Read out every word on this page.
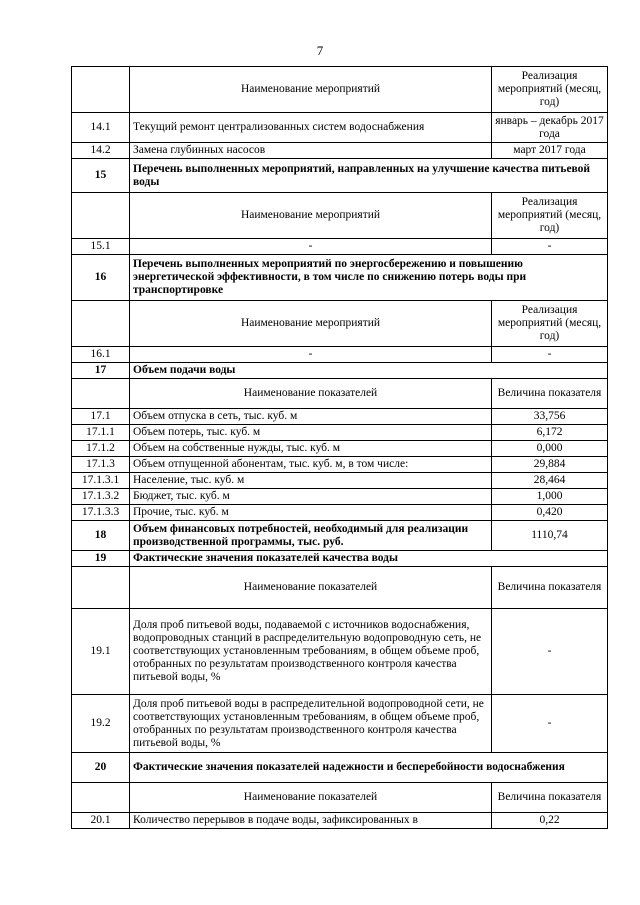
7
	Наименование мероприятий	Реализация мероприятий (месяц, год)
14.1	Текущий ремонт централизованных систем водоснабжения	январь – декабрь 2017 года
14.2	Замена глубинных насосов	март 2017 года
15	Перечень выполненных мероприятий, направленных на улучшение качества питьевой воды	
	Наименование мероприятий	Реализация мероприятий (месяц, год)
15.1	-	-
16	Перечень выполненных мероприятий по энергосбережению и повышению энергетической эффективности, в том числе по снижению потерь воды при транспортировке	
	Наименование мероприятий	Реализация мероприятий (месяц, год)
16.1	-	-
17	Объем подачи воды	
	Наименование показателей	Величина показателя
17.1	Объем отпуска в сеть, тыс. куб. м	33,756
17.1.1	Объем потерь, тыс. куб. м	6,172
17.1.2	Объем на собственные нужды, тыс. куб. м	0,000
17.1.3	Объем отпущенной абонентам, тыс. куб. м, в том числе:	29,884
17.1.3.1	Население, тыс. куб. м	28,464
17.1.3.2	Бюджет, тыс. куб. м	1,000
17.1.3.3	Прочие, тыс. куб. м	0,420
18	Объем финансовых потребностей, необходимый для реализации производственной программы, тыс. руб.	1110,74
19	Фактические значения показателей качества воды	
	Наименование показателей	Величина показателя
19.1	Доля проб питьевой воды, подаваемой с источников водоснабжения, водопроводных станций в распределительную водопроводную сеть, не соответствующих установленным требованиям, в общем объеме проб, отобранных по результатам производственного контроля качества питьевой воды, %	-
19.2	Доля проб питьевой воды в распределительной водопроводной сети, не соответствующих установленным требованиям, в общем объеме проб, отобранных по результатам производственного контроля качества питьевой воды, %	-
20	Фактические значения показателей надежности и бесперебойности водоснабжения	
	Наименование показателей	Величина показателя
20.1	Количество перерывов в подаче воды, зафиксированных в	0,22
